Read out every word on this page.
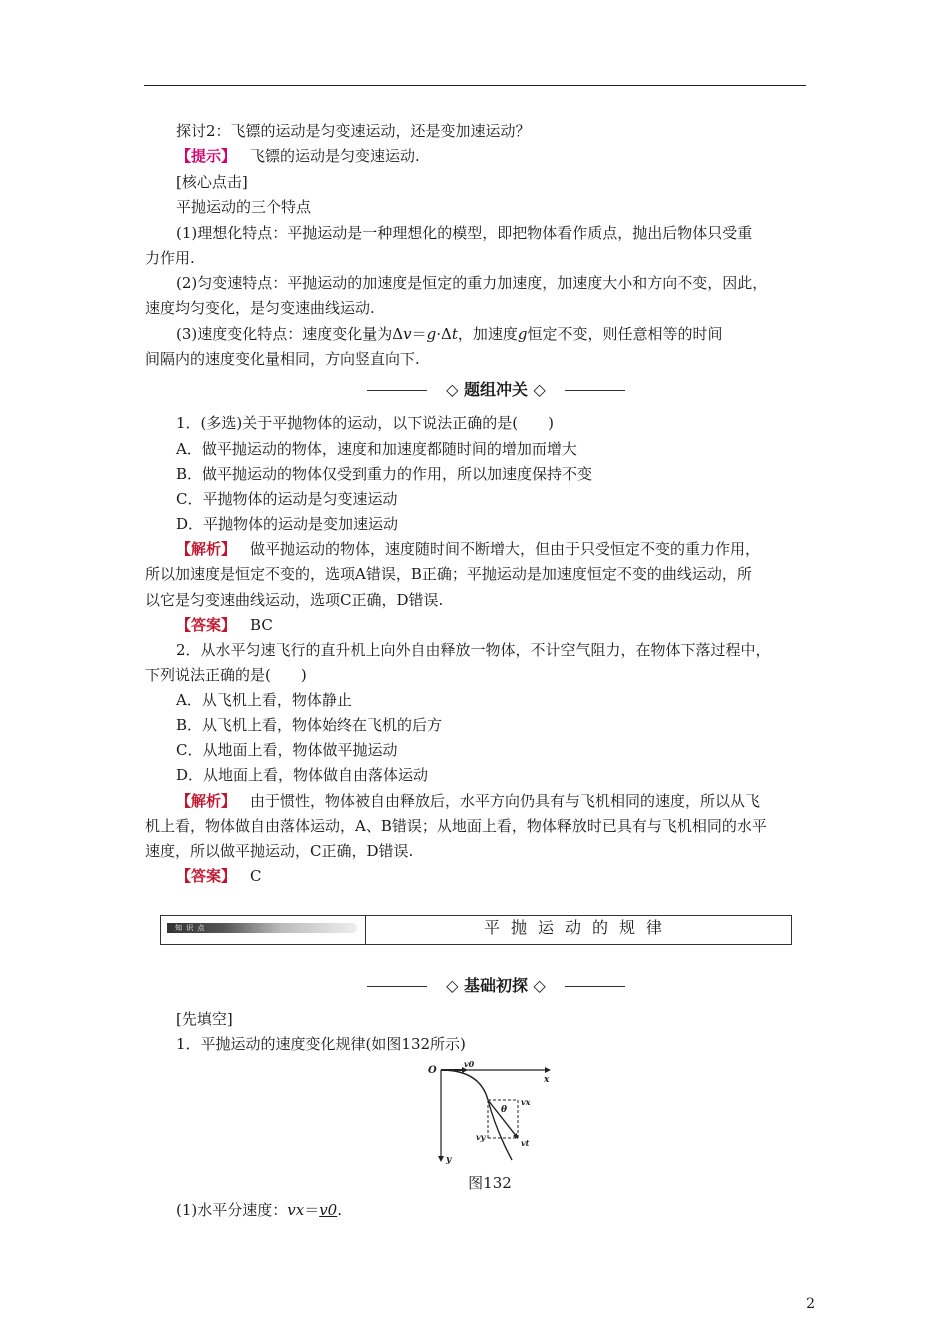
探讨2：飞镖的运动是匀变速运动，还是变加速运动？
【提示】 飞镖的运动是匀变速运动.
[核心点击]
平抛运动的三个特点
(1)理想化特点：平抛运动是一种理想化的模型，即把物体看作质点，抛出后物体只受重
力作用.
(2)匀变速特点：平抛运动的加速度是恒定的重力加速度，加速度大小和方向不变，因此，
速度均匀变化，是匀变速曲线运动.
(3)速度变化特点：速度变化量为Δv＝g·Δt，加速度g恒定不变，则任意相等的时间
间隔内的速度变化量相同，方向竖直向下.
◇ 题组冲关 ◇
1．(多选)关于平抛物体的运动，以下说法正确的是(　　)
A．做平抛运动的物体，速度和加速度都随时间的增加而增大
B．做平抛运动的物体仅受到重力的作用，所以加速度保持不变
C．平抛物体的运动是匀变速运动
D．平抛物体的运动是变加速运动
【解析】 做平抛运动的物体，速度随时间不断增大，但由于只受恒定不变的重力作用，
所以加速度是恒定不变的，选项A错误，B正确；平抛运动是加速度恒定不变的曲线运动，所
以它是匀变速曲线运动，选项C正确，D错误.
【答案】 BC
2．从水平匀速飞行的直升机上向外自由释放一物体，不计空气阻力，在物体下落过程中，
下列说法正确的是(　　)
A．从飞机上看，物体静止
B．从飞机上看，物体始终在飞机的后方
C．从地面上看，物体做平抛运动
D．从地面上看，物体做自由落体运动
【解析】 由于惯性，物体被自由释放后，水平方向仍具有与飞机相同的速度，所以从飞
机上看，物体做自由落体运动，A、B错误；从地面上看，物体释放时已具有与飞机相同的水平
速度，所以做平抛运动，C正确，D错误.
【答案】 C
知 识 点	平抛运动的规律
◇ 基础初探 ◇
[先填空]
1．平抛运动的速度变化规律(如图132所示)
O
v0
x
y
θ
vx
vy
vt
图132
(1)水平分速度：vx＝v0.
2
